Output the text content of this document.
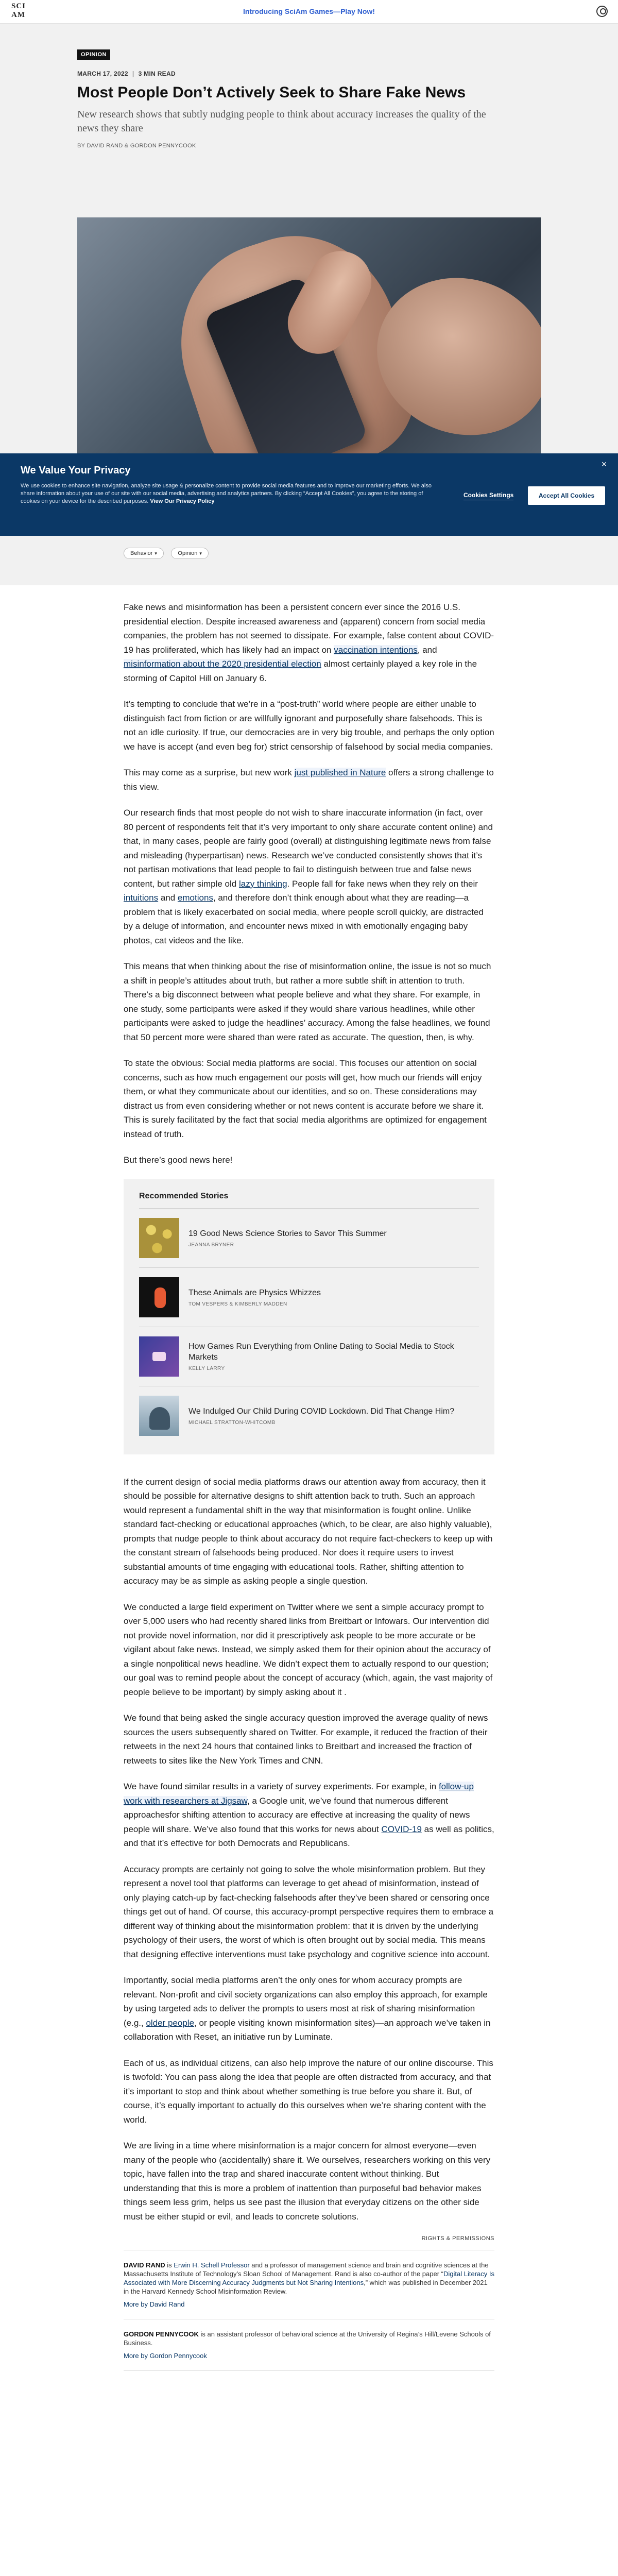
SCI
AM	Introducing SciAm Games—Play Now!
OPINION
MARCH 17, 2022 | 3 MIN READ
Most People Don’t Actively Seek to Share Fake News

New research shows that subtly nudging people to think about accuracy increases the quality of the news they share

BY DAVID RAND & GORDON PENNYCOOK
We Value Your Privacy

We use cookies to enhance site navigation, analyze site usage & personalize content to provide social media features and to improve our marketing efforts. We also share information about your use of our site with our social media, advertising and analytics partners. By clicking “Accept All Cookies”, you agree to the storing of cookies on your device for the described purposes. View Our Privacy Policy

Cookies Settings	Accept All Cookies
×
Behavior ▾	Opinion ▾

Fake news and misinformation has been a persistent concern ever since the 2016 U.S. presidential election. Despite increased awareness and (apparent) concern from social media companies, the problem has not seemed to dissipate. For example, false content about COVID-19 has proliferated, which has likely had an impact on vaccination intentions, and misinformation about the 2020 presidential election almost certainly played a key role in the storming of Capitol Hill on January 6.

It’s tempting to conclude that we’re in a “post-truth” world where people are either unable to distinguish fact from fiction or are willfully ignorant and purposefully share falsehoods. This is not an idle curiosity. If true, our democracies are in very big trouble, and perhaps the only option we have is accept (and even beg for) strict censorship of falsehood by social media companies.

This may come as a surprise, but new work just published in Nature offers a strong challenge to this view.

Our research finds that most people do not wish to share inaccurate information (in fact, over 80 percent of respondents felt that it’s very important to only share accurate content online) and that, in many cases, people are fairly good (overall) at distinguishing legitimate news from false and misleading (hyperpartisan) news. Research we’ve conducted consistently shows that it’s not partisan motivations that lead people to fail to distinguish between true and false news content, but rather simple old lazy thinking. People fall for fake news when they rely on their intuitions and emotions, and therefore don’t think enough about what they are reading—a problem that is likely exacerbated on social media, where people scroll quickly, are distracted by a deluge of information, and encounter news mixed in with emotionally engaging baby photos, cat videos and the like.

This means that when thinking about the rise of misinformation online, the issue is not so much a shift in people’s attitudes about truth, but rather a more subtle shift in attention to truth. There’s a big disconnect between what people believe and what they share. For example, in one study, some participants were asked if they would share various headlines, while other participants were asked to judge the headlines’ accuracy. Among the false headlines, we found that 50 percent more were shared than were rated as accurate. The question, then, is why.

To state the obvious: Social media platforms are social. This focuses our attention on social concerns, such as how much engagement our posts will get, how much our friends will enjoy them, or what they communicate about our identities, and so on. These considerations may distract us from even considering whether or not news content is accurate before we share it. This is surely facilitated by the fact that social media algorithms are optimized for engagement instead of truth.

But there’s good news here!

Recommended Stories
19 Good News Science Stories to Savor This Summer
JEANNA BRYNER
These Animals are Physics Whizzes
TOM VESPERS & KIMBERLY MADDEN
How Games Run Everything from Online Dating to Social Media to Stock Markets
KELLY LARRY
We Indulged Our Child During COVID Lockdown. Did That Change Him?
MICHAEL STRATTON-WHITCOMB

If the current design of social media platforms draws our attention away from accuracy, then it should be possible for alternative designs to shift attention back to truth. Such an approach would represent a fundamental shift in the way that misinformation is fought online. Unlike standard fact-checking or educational approaches (which, to be clear, are also highly valuable), prompts that nudge people to think about accuracy do not require fact-checkers to keep up with the constant stream of falsehoods being produced. Nor does it require users to invest substantial amounts of time engaging with educational tools. Rather, shifting attention to accuracy may be as simple as asking people a single question.

We conducted a large field experiment on Twitter where we sent a simple accuracy prompt to over 5,000 users who had recently shared links from Breitbart or Infowars. Our intervention did not provide novel information, nor did it prescriptively ask people to be more accurate or be vigilant about fake news. Instead, we simply asked them for their opinion about the accuracy of a single nonpolitical news headline. We didn’t expect them to actually respond to our question; our goal was to remind people about the concept of accuracy (which, again, the vast majority of people believe to be important) by simply asking about it .

We found that being asked the single accuracy question improved the average quality of news sources the users subsequently shared on Twitter. For example, it reduced the fraction of their retweets in the next 24 hours that contained links to Breitbart and increased the fraction of retweets to sites like the New York Times and CNN.

We have found similar results in a variety of survey experiments. For example, in follow-up work with researchers at Jigsaw, a Google unit, we’ve found that numerous different approachesfor shifting attention to accuracy are effective at increasing the quality of news people will share. We’ve also found that this works for news about COVID-19 as well as politics, and that it’s effective for both Democrats and Republicans.

Accuracy prompts are certainly not going to solve the whole misinformation problem. But they represent a novel tool that platforms can leverage to get ahead of misinformation, instead of only playing catch-up by fact-checking falsehoods after they’ve been shared or censoring once things get out of hand. Of course, this accuracy-prompt perspective requires them to embrace a different way of thinking about the misinformation problem: that it is driven by the underlying psychology of their users, the worst of which is often brought out by social media. This means that designing effective interventions must take psychology and cognitive science into account.

Importantly, social media platforms aren’t the only ones for whom accuracy prompts are relevant. Non-profit and civil society organizations can also employ this approach, for example by using targeted ads to deliver the prompts to users most at risk of sharing misinformation (e.g., older people, or people visiting known misinformation sites)—an approach we’ve taken in collaboration with Reset, an initiative run by Luminate.

Each of us, as individual citizens, can also help improve the nature of our online discourse. This is twofold: You can pass along the idea that people are often distracted from accuracy, and that it’s important to stop and think about whether something is true before you share it. But, of course, it’s equally important to actually do this ourselves when we’re sharing content with the world.

We are living in a time where misinformation is a major concern for almost everyone—even many of the people who (accidentally) share it. We ourselves, researchers working on this very topic, have fallen into the trap and shared inaccurate content without thinking. But understanding that this is more a problem of inattention than purposeful bad behavior makes things seem less grim, helps us see past the illusion that everyday citizens on the other side must be either stupid or evil, and leads to concrete solutions.

RIGHTS & PERMISSIONS
DAVID RAND is Erwin H. Schell Professor and a professor of management science and brain and cognitive sciences at the Massachusetts Institute of Technology’s Sloan School of Management. Rand is also co-author of the paper “Digital Literacy Is Associated with More Discerning Accuracy Judgments but Not Sharing Intentions,” which was published in December 2021 in the Harvard Kennedy School Misinformation Review.
More by David Rand
GORDON PENNYCOOK is an assistant professor of behavioral science at the University of Regina’s Hill/Levene Schools of Business.
More by Gordon Pennycook
